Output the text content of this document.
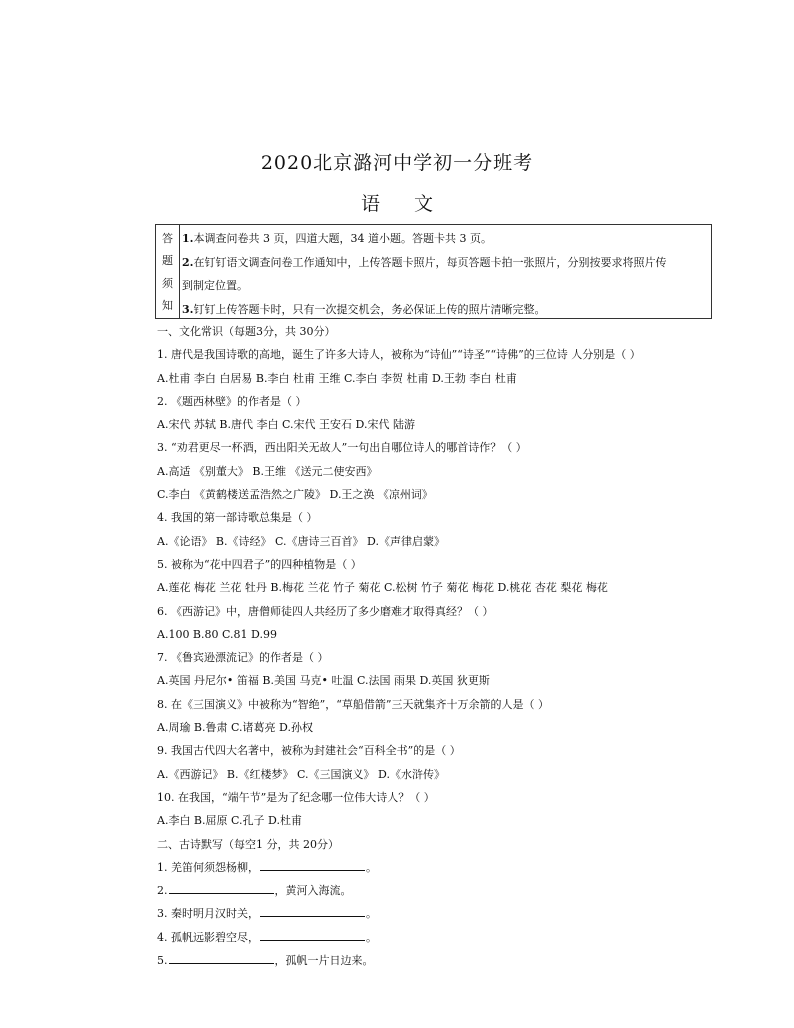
2020北京潞河中学初一分班考
语文
答
题
须
知
1.本调查问卷共 3 页，四道大题，34 道小题。答题卡共 3 页。
2.在钉钉语文调查问卷工作通知中，上传答题卡照片，每页答题卡拍一张照片，分别按要求将照片传
到制定位置。
3.钉钉上传答题卡时，只有一次提交机会，务必保证上传的照片清晰完整。
一、文化常识（每题3分，共 30分）
1. 唐代是我国诗歌的高地，诞生了许多大诗人，被称为“诗仙”“诗圣”“诗佛”的三位诗 人分别是（ ）
A.杜甫 李白 白居易 B.李白 杜甫 王维 C.李白 李贺 杜甫 D.王勃 李白 杜甫
2. 《题西林壁》的作者是（ ）
A.宋代 苏轼 B.唐代 李白 C.宋代 王安石 D.宋代 陆游
3. “劝君更尽一杯酒，西出阳关无故人”一句出自哪位诗人的哪首诗作？（ ）
A.高适 《别董大》 B.王维 《送元二使安西》
C.李白 《黄鹤楼送孟浩然之广陵》 D.王之涣 《凉州词》
4. 我国的第一部诗歌总集是（ ）
A.《论语》 B.《诗经》 C.《唐诗三百首》 D.《声律启蒙》
5. 被称为“花中四君子”的四种植物是（ ）
A.莲花 梅花 兰花 牡丹 B.梅花 兰花 竹子 菊花 C.松树 竹子 菊花 梅花 D.桃花 杏花 梨花 梅花
6. 《西游记》中，唐僧师徒四人共经历了多少磨难才取得真经？（ ）
A.100 B.80 C.81 D.99
7. 《鲁宾逊漂流记》的作者是（ ）
A.英国 丹尼尔• 笛福 B.美国 马克• 吐温 C.法国 雨果 D.英国 狄更斯
8. 在《三国演义》中被称为“智绝”，“草船借箭”三天就集齐十万余箭的人是（ ）
A.周瑜 B.鲁肃 C.诸葛亮 D.孙权
9. 我国古代四大名著中，被称为封建社会“百科全书”的是（ ）
A.《西游记》 B.《红楼梦》 C.《三国演义》 D.《水浒传》
10. 在我国，“端午节”是为了纪念哪一位伟大诗人？（ ）
A.李白 B.屈原 C.孔子 D.杜甫
二、古诗默写（每空1 分，共 20分）
1. 羌笛何须怨杨柳，	。
2.	，黄河入海流。
3. 秦时明月汉时关，	。
4. 孤帆远影碧空尽，	。
5.	，孤帆一片日边来。
